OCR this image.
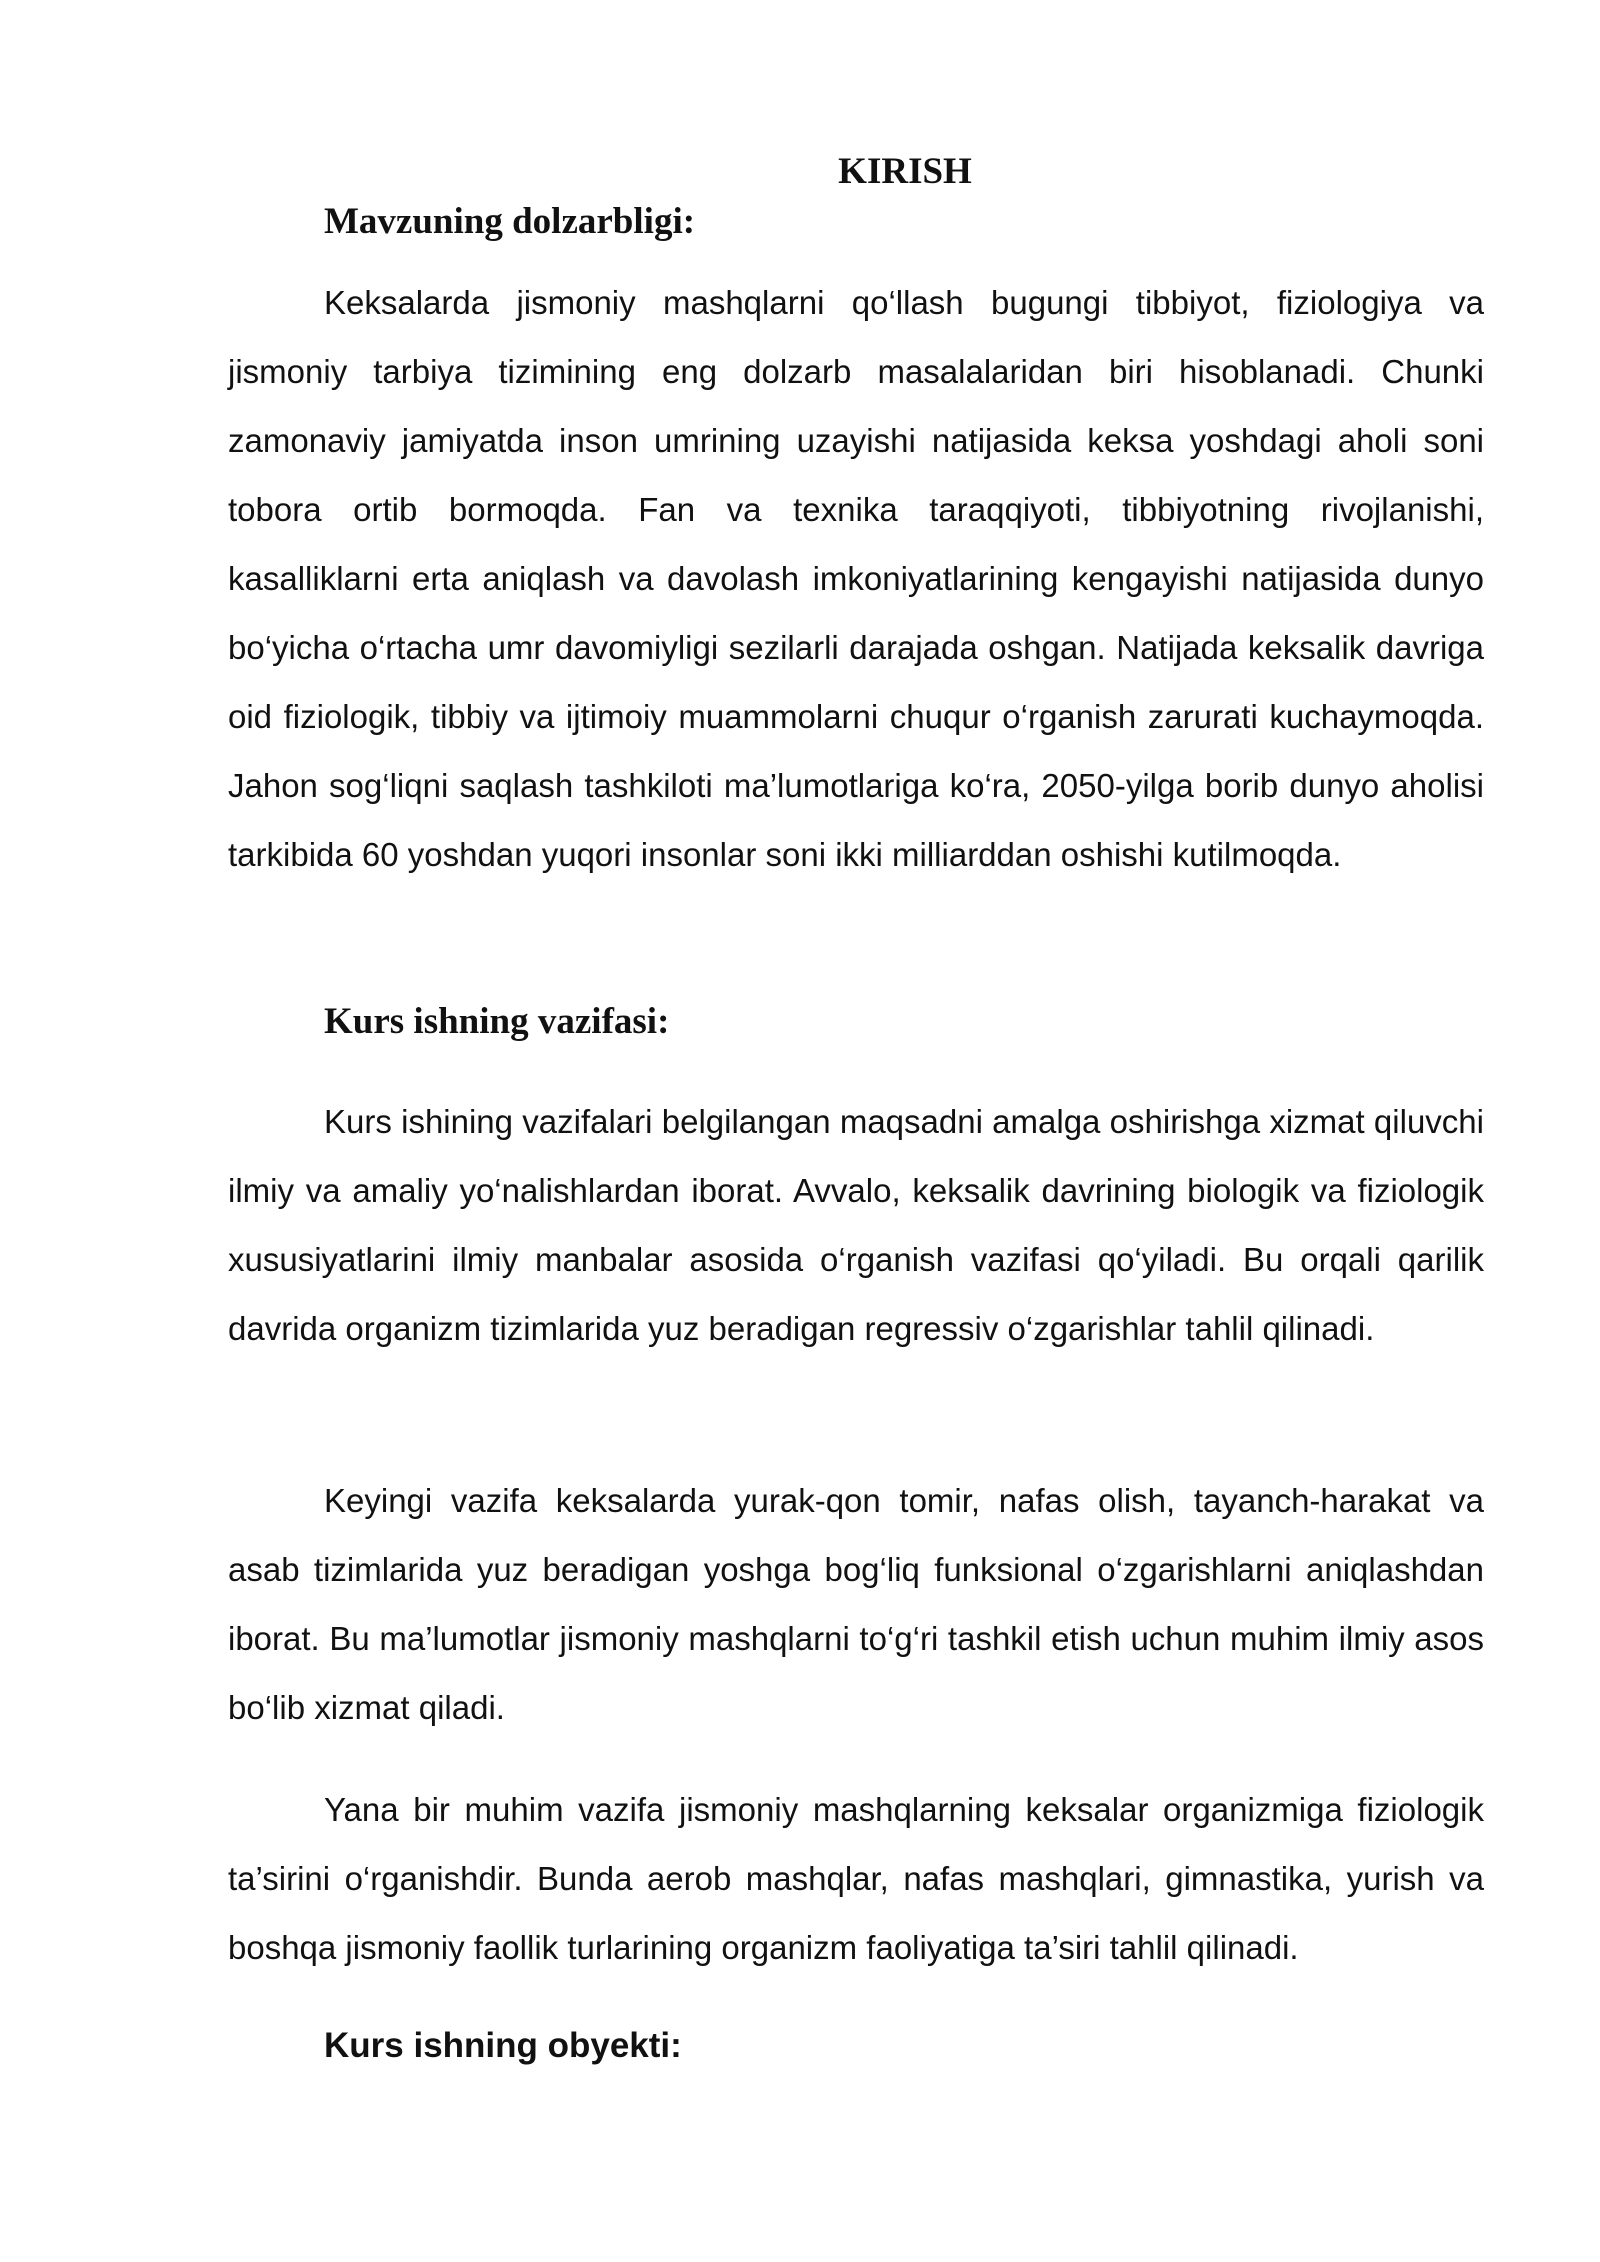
KIRISH
Mavzuning dolzarbligi:

Keksalarda jismoniy mashqlarni qo‘llash bugungi tibbiyot, fiziologiya va jismoniy tarbiya tizimining eng dolzarb masalalaridan biri hisoblanadi. Chunki zamonaviy jamiyatda inson umrining uzayishi natijasida keksa yoshdagi aholi soni tobora ortib bormoqda. Fan va texnika taraqqiyoti, tibbiyotning rivojlanishi, kasalliklarni erta aniqlash va davolash imkoniyatlarining kengayishi natijasida dunyo bo‘yicha o‘rtacha umr davomiyligi sezilarli darajada oshgan. Natijada keksalik davriga oid fiziologik, tibbiy va ijtimoiy muammolarni chuqur o‘rganish zarurati kuchaymoqda. Jahon sog‘liqni saqlash tashkiloti ma’lumotlariga ko‘ra, 2050-yilga borib dunyo aholisi tarkibida 60 yoshdan yuqori insonlar soni ikki milliarddan oshishi kutilmoqda.

Kurs ishning vazifasi:

Kurs ishining vazifalari belgilangan maqsadni amalga oshirishga xizmat qiluvchi ilmiy va amaliy yo‘nalishlardan iborat. Avvalo, keksalik davrining biologik va fiziologik xususiyatlarini ilmiy manbalar asosida o‘rganish vazifasi qo‘yiladi. Bu orqali qarilik davrida organizm tizimlarida yuz beradigan regressiv o‘zgarishlar tahlil qilinadi.

Keyingi vazifa keksalarda yurak-qon tomir, nafas olish, tayanch-harakat va asab tizimlarida yuz beradigan yoshga bog‘liq funksional o‘zgarishlarni aniqlashdan iborat. Bu ma’lumotlar jismoniy mashqlarni to‘g‘ri tashkil etish uchun muhim ilmiy asos bo‘lib xizmat qiladi.

Yana bir muhim vazifa jismoniy mashqlarning keksalar organizmiga fiziologik ta’sirini o‘rganishdir. Bunda aerob mashqlar, nafas mashqlari, gimnastika, yurish va boshqa jismoniy faollik turlarining organizm faoliyatiga ta’siri tahlil qilinadi.

Kurs ishning obyekti:
